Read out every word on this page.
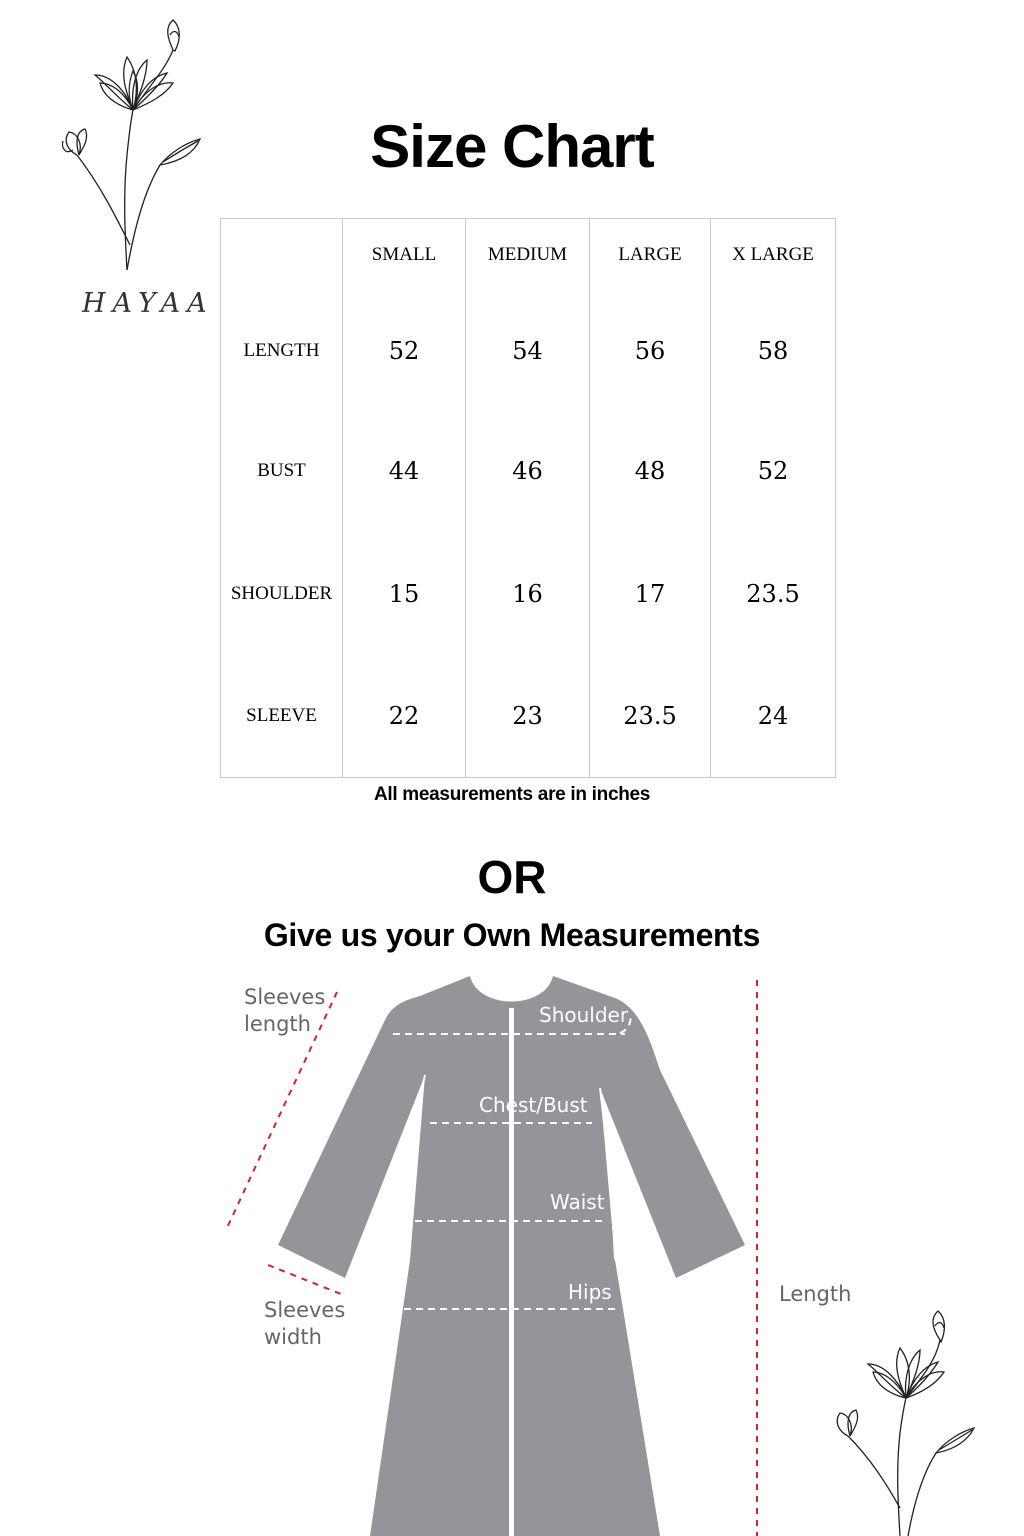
HAYAA
Size Chart
	SMALL	MEDIUM	LARGE	X LARGE
LENGTH	52	54	56	58
BUST	44	46	48	52
SHOULDER	15	16	17	23.5
SLEEVE	22	23	23.5	24
All measurements are in inches
OR
Give us your Own Measurements
Sleeves
length
Sleeves
width
Length
Shoulder
Chest/Bust
Waist
Hips
